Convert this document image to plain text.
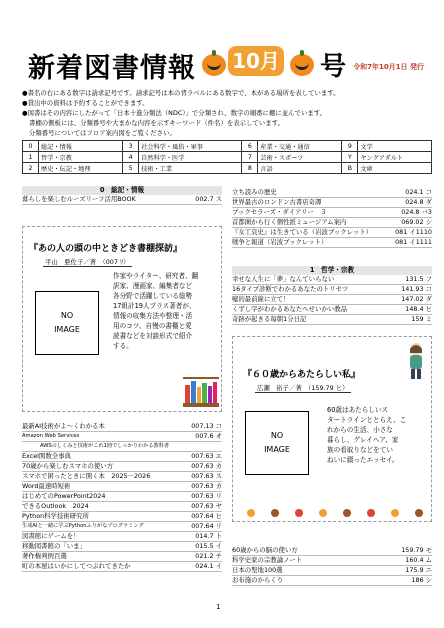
新着図書情報 10月 号 令和7年10月1日 発行
●書名の右にある数字は請求記号です。請求記号は本の背ラベルにある数字で、本がある場所を表しています。
●貸出中の資料は予約することができます。
●図書はその内容にしたがって「日本十進分類法（NDC）」で分類され、数字の順番に棚に並んでいます。
書棚の側板には、分類番号や大まかな内容を示すキーワード（件名）を表示しています。
分類番号についてはフロア案内図をご覧ください。
0	総記・情報	3	社会科学・風俗・軍事	6	産業・交通・通信	9	文学
1	哲学・宗教	4	自然科学・医学	7	芸術・スポーツ	Y	ヤングアダルト
2	歴史・伝記・地理	5	技術・工業	8	言語	B	文庫
0　総記・情報
暮らしを楽しむルーズリーフ活用BOOK	002.7 ス
『あの人の頭の中ときどき書棚探訪』
平山　亜佐子／著　（007 ﾘ）
NO
IMAGE
作家やライター、研究者、翻
訳家、漫画家、編集者など
各分野で活躍している総勢
17組計19人プラス著者が、
情報の収集方法や整理・活
用のコツ、自慢の書棚と愛
読書などを対談形式で紹介
する。
最新AI技術がよ～くわかる本	007.13 コ
Amazon Web Services	007.6 オ
AWSのしくみと技術がこれ1冊でしっかりわかる教科書
Excel関数全事典	007.63 エ
70歳から楽しむスマホの使い方	007.63 カ
スマホで困ったときに開く本　2025－2026	007.63 ス
Word最速時短術	007.63 カ
はじめてのPowerPoint2024	007.63 リ
できるOutlook　2024	007.63 ヤ
Python科学技術研究所	007.64 ヒ
生成AIと一緒に学ぶPythonふりがなプログラミング	007.64 リ
図書館にゲームを！	014.7 ト
移動図書館の「いま」	015.5 イ
著作権判例百選	021.2 チ
町の本屋はいかにしてつぶれてきたか	024.1 イ
立ち読みの歴史	024.1 コ
世界最古のロンドン古書店奇譚	024.8 ダ
ブックセラーズ・ダイアリー　３	024.8 バ3
首都圏から行く個性派ミュージアム案内	069.02 シ
『女工哀史』は生きている（岩波ブックレット）	081 イ1110
戦争と報道（岩波ブックレット）	081 イ1111
1　哲学・宗教
幸せな人生に「夢」なんていらない	131.5 フ
16タイプ診断でわかるあなたのトリセツ	141.93 コ
嘘的最前線に立て！	147.02 ダ
くずし字がわかるあなたへせいかい教品	148.4 ヒ
奇跡が起きる毎朝1分日記	159 ミ
『６０歳からあたらしい私』
広瀬　裕子／著　（159.79 ヒ）
NO
IMAGE
60歳はあたらしいス
タートラインととらえ、こ
れからの生活、小さな
暮らし、グレイヘア、家
族の看取りなどをてい
ねいに綴ったエッセイ。
60歳からの脳の使い方	159.79 モ
科学史家の宗教論ノート	160.4 ム
日本の聖地100選	175.9 ニ
お布施のからくり	186 シ
1
